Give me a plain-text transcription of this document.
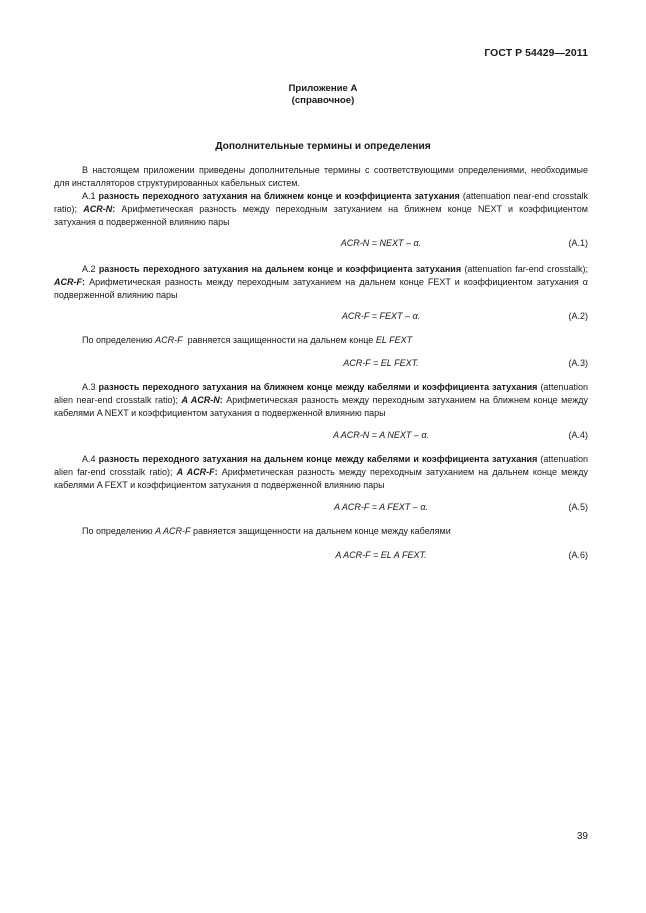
ГОСТ Р 54429—2011
Приложение А
(справочное)
Дополнительные термины и определения
В настоящем приложении приведены дополнительные термины с соответствующими определениями, необходимые для инсталляторов структурированных кабельных систем.
A.1 разность переходного затухания на ближнем конце и коэффициента затухания (attenuation near-end crosstalk ratio); ACR-N: Арифметическая разность между переходным затуханием на ближнем конце NEXT и коэффициентом затухания α подверженной влиянию пары
ACR-N = NEXT – α.	(A.1)
A.2 разность переходного затухания на дальнем конце и коэффициента затухания (attenuation far-end crosstalk); ACR-F: Арифметическая разность между переходным затуханием на дальнем конце FEXT и коэффициентом затухания α подверженной влиянию пары
ACR-F = FEXT – α.	(A.2)
По определению ACR-F равняется защищенности на дальнем конце EL FEXT
ACR-F = EL FEXT.	(A.3)
A.3 разность переходного затухания на ближнем конце между кабелями и коэффициента затухания (attenuation alien near-end crosstalk ratio); A ACR-N: Арифметическая разность между переходным затуханием на ближнем конце между кабелями A NEXT и коэффициентом затухания α подверженной влиянию пары
A ACR-N = A NEXT – α.	(A.4)
A.4 разность переходного затухания на дальнем конце между кабелями и коэффициента затухания (attenuation alien far-end crosstalk ratio); A ACR-F: Арифметическая разность между переходным затуханием на дальнем конце между кабелями A FEXT и коэффициентом затухания α подверженной влиянию пары
A ACR-F = A FEXT – α.	(A.5)
По определению A ACR-F равняется защищенности на дальнем конце между кабелями
A ACR-F = EL A FEXT.	(A.6)
39
